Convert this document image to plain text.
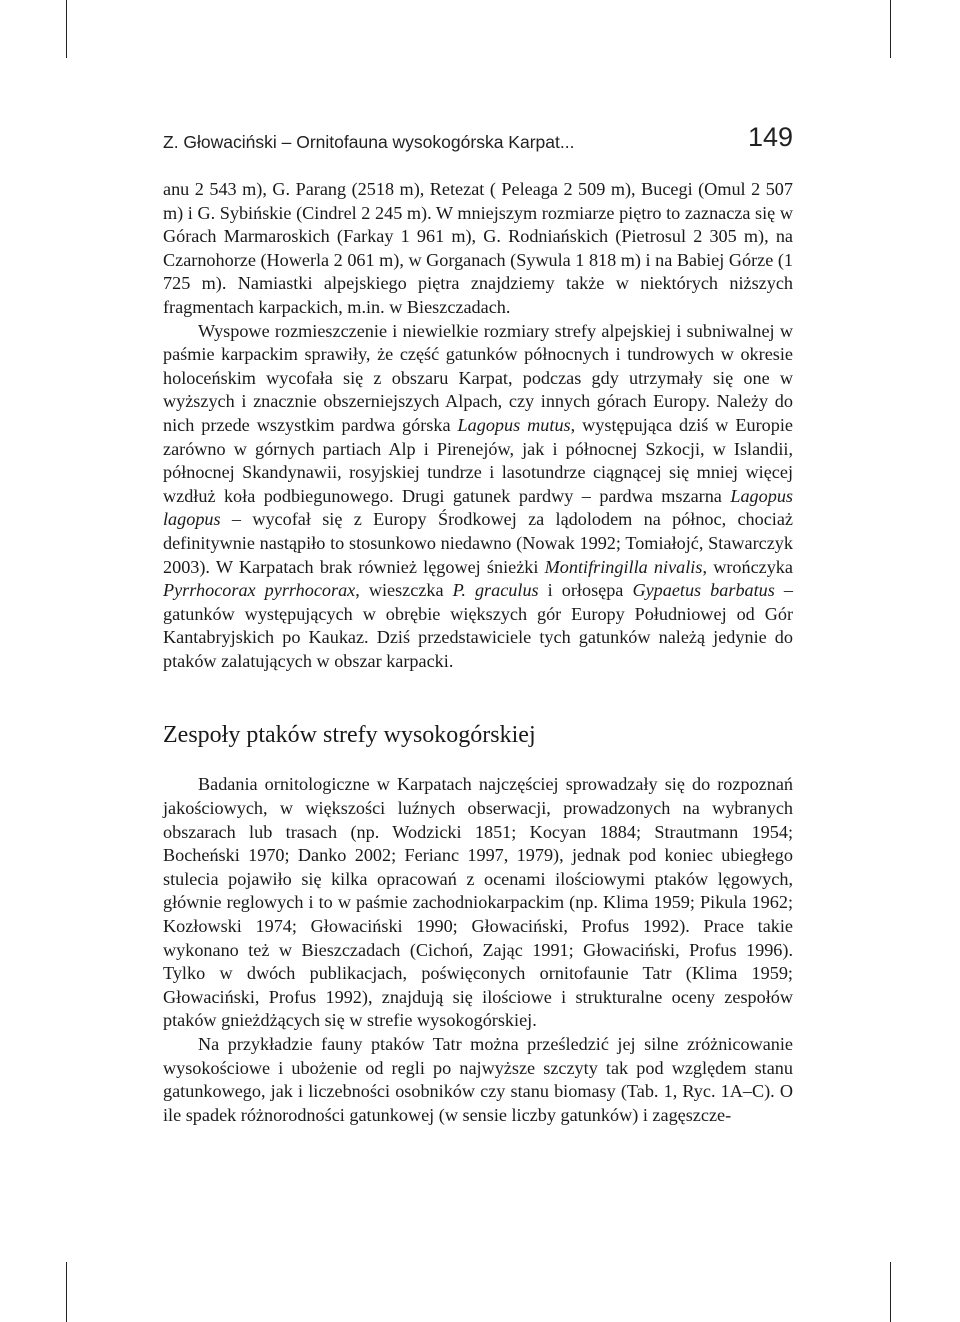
Z. Głowaciński – Ornitofauna wysokogórska Karpat...	149

anu 2 543 m), G. Parang (2518 m), Retezat ( Peleaga 2 509 m), Bucegi (Omul 2 507 m) i G. Sybińskie (Cindrel 2 245 m). W mniejszym rozmiarze piętro to zaznacza się w Górach Marmaroskich (Farkay 1 961 m), G. Rodniańskich (Pietrosul 2 305 m), na Czarnohorze (Howerla 2 061 m), w Gorganach (Sywula 1 818 m) i na Babiej Górze (1 725 m). Namiastki alpejskiego piętra znajdziemy także w niektórych niższych fragmentach karpackich, m.in. w Bieszczadach.

Wyspowe rozmieszczenie i niewielkie rozmiary strefy alpejskiej i subniwalnej w paśmie karpackim sprawiły, że część gatunków północnych i tundrowych w okresie holoceńskim wycofała się z obszaru Karpat, podczas gdy utrzymały się one w wyższych i znacznie obszerniejszych Alpach, czy innych górach Europy. Należy do nich przede wszystkim pardwa górska Lagopus mutus, występująca dziś w Europie zarówno w górnych partiach Alp i Pirenejów, jak i północnej Szkocji, w Islandii, północnej Skandynawii, rosyjskiej tundrze i lasotundrze ciągnącej się mniej więcej wzdłuż koła podbiegunowego. Drugi gatunek pardwy – pardwa mszarna Lagopus lagopus – wycofał się z Europy Środkowej za lądolodem na północ, chociaż definitywnie nastąpiło to stosunkowo niedawno (Nowak 1992; Tomiałojć, Stawarczyk 2003). W Karpatach brak również lęgowej śnieżki Montifringilla nivalis, wrończyka Pyrrhocorax pyrrhocorax, wieszczka P. graculus i orłosępa Gypaetus barbatus – gatunków występujących w obrębie większych gór Europy Południowej od Gór Kantabryjskich po Kaukaz. Dziś przedstawiciele tych gatunków należą jedynie do ptaków zalatujących w obszar karpacki.

Zespoły ptaków strefy wysokogórskiej

Badania ornitologiczne w Karpatach najczęściej sprowadzały się do rozpoznań jakościowych, w większości luźnych obserwacji, prowadzonych na wybranych obszarach lub trasach (np. Wodzicki 1851; Kocyan 1884; Strautmann 1954; Bocheński 1970; Danko 2002; Ferianc 1997, 1979), jednak pod koniec ubiegłego stulecia pojawiło się kilka opracowań z ocenami ilościowymi ptaków lęgowych, głównie reglowych i to w paśmie zachodniokarpackim (np. Klima 1959; Pikula 1962; Kozłowski 1974; Głowaciński 1990; Głowaciński, Profus 1992). Prace takie wykonano też w Bieszczadach (Cichoń, Zając 1991; Głowaciński, Profus 1996). Tylko w dwóch publikacjach, poświęconych ornitofaunie Tatr (Klima 1959; Głowaciński, Profus 1992), znajdują się ilościowe i strukturalne oceny zespołów ptaków gnieżdżących się w strefie wysokogórskiej.

Na przykładzie fauny ptaków Tatr można prześledzić jej silne zróżnicowanie wysokościowe i ubożenie od regli po najwyższe szczyty tak pod względem stanu gatunkowego, jak i liczebności osobników czy stanu biomasy (Tab. 1, Ryc. 1A–C). O ile spadek różnorodności gatunkowej (w sensie liczby gatunków) i zagęszcze-
